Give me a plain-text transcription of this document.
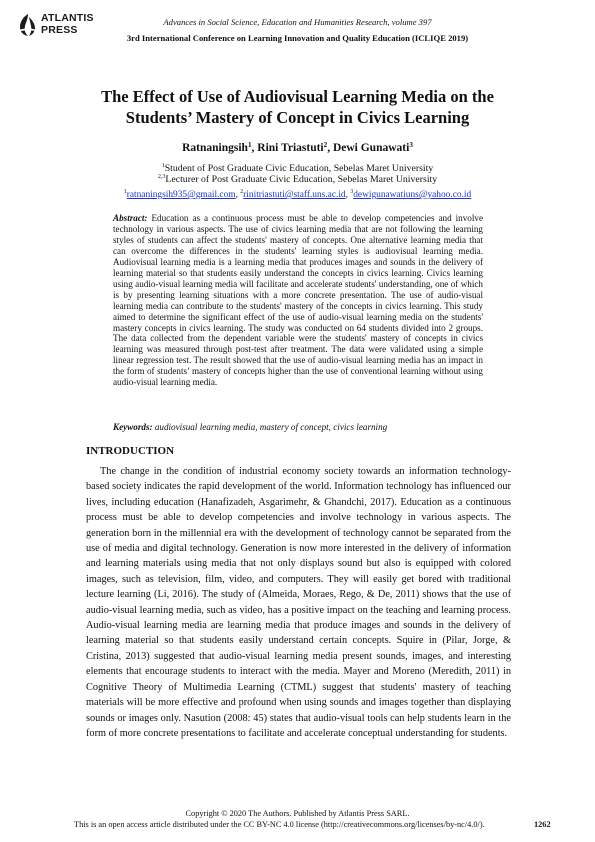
ATLANTIS
PRESS
Advances in Social Science, Education and Humanities Research, volume 397
3rd International Conference on Learning Innovation and Quality Education (ICLIQE 2019)
The Effect of Use of Audiovisual Learning Media on the Students’ Mastery of Concept in Civics Learning
Ratnaningsih$^1$, Rini Triastuti$^2$, Dewi Gunawati$^3$
$^1$Student of Post Graduate Civic Education, Sebelas Maret University
$^{2,3}$Lecturer of Post Graduate Civic Education, Sebelas Maret University
$^1$ratnaningsih935@gmail.com, $^2$rinitriastuti@staff.uns.ac.id, $^3$dewigunawatiuns@yahoo.co.id
Abstract: Education as a continuous process must be able to develop competencies and involve technology in various aspects. The use of civics learning media that are not following the learning styles of students can affect the students' mastery of concepts. One alternative learning media that can overcome the differences in the students' learning styles is audiovisual learning media. Audiovisual learning media is a learning media that produces images and sounds in the delivery of learning material so that students easily understand the concepts in civics learning. Civics learning using audio-visual learning media will facilitate and accelerate students' understanding, one of which is by presenting learning situations with a more concrete presentation. The use of audio-visual learning media can contribute to the students' mastery of the concepts in civics learning. This study aimed to determine the significant effect of the use of audio-visual learning media on the students' mastery concepts in civics learning. The study was conducted on 64 students divided into 2 groups. The data collected from the dependent variable were the students' mastery of concepts in civics learning was measured through post-test after treatment. The data were validated using a simple linear regression test. The result showed that the use of audio-visual learning media has an impact in the form of students’ mastery of concepts higher than the use of conventional learning without using audio-visual learning media.
Keywords: audiovisual learning media, mastery of concept, civics learning
INTRODUCTION
The change in the condition of industrial economy society towards an information technology-based society indicates the rapid development of the world. Information technology has influenced our lives, including education (Hanafizadeh, Asgarimehr, & Ghandchi, 2017). Education as a continuous process must be able to develop competencies and involve technology in various aspects. The generation born in the millennial era with the development of technology cannot be separated from the use of media and digital technology. Generation is now more interested in the delivery of information and learning materials using media that not only displays sound but also is equipped with colored images, such as television, film, video, and computers. They will easily get bored with traditional lecture learning (Li, 2016). The study of (Almeida, Moraes, Rego, & De, 2011) shows that the use of audio-visual learning media, such as video, has a positive impact on the teaching and learning process. Audio-visual learning media are learning media that produce images and sounds in the delivery of learning material so that students easily understand certain concepts. Squire in (Pilar, Jorge, & Cristina, 2013) suggested that audio-visual learning media present sounds, images, and interesting elements that encourage students to interact with the media. Mayer and Moreno (Meredith, 2011) in Cognitive Theory of Multimedia Learning (CTML) suggest that students' mastery of teaching materials will be more effective and profound when using sounds and images together than displaying sounds or images only. Nasution (2008: 45) states that audio-visual tools can help students learn in the form of more concrete presentations to facilitate and accelerate conceptual understanding for students.
Copyright © 2020 The Authors. Published by Atlantis Press SARL.
This is an open access article distributed under the CC BY-NC 4.0 license (http://creativecommons.org/licenses/by-nc/4.0/).	1262
